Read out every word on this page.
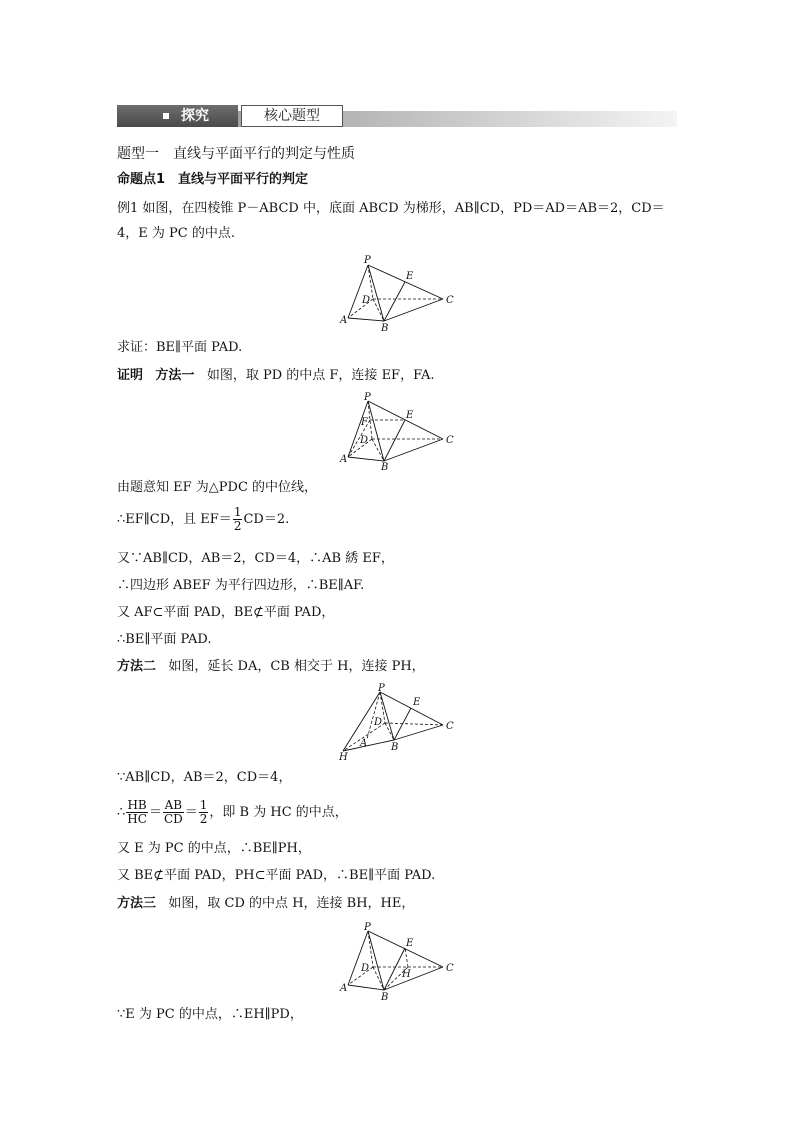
探究	核心题型
题型一　直线与平面平行的判定与性质
命题点1　直线与平面平行的判定
例1 如图，在四棱锥 P－ABCD 中，底面 ABCD 为梯形，AB∥CD，PD＝AD＝AB＝2，CD＝
4，E 为 PC 的中点.
P
E
D	C
A
B
求证：BE∥平面 PAD.
证明 方法一 如图，取 PD 的中点 F，连接 EF，FA.
P
E
F
D	C
A
B
由题意知 EF 为△PDC 的中位线，
∴EF∥CD，且 $EF= \frac{1}{2} CD=2$.
又∵AB∥CD，AB＝2，CD＝4，∴AB 綉 EF，
∴四边形 ABEF 为平行四边形，∴BE∥AF.
又 AF⊂平面 PAD，BE⊄平面 PAD，
∴BE∥平面 PAD.
方法二 如图，延长 DA，CB 相交于 H，连接 PH，
P
E
D	C
A B
H
∵AB∥CD，AB＝2，CD＝4，
∴ $\frac{HB}{HC} = \frac{AB}{CD} = \frac{1}{2}$ ，即 B 为 HC 的中点，
又 E 为 PC 的中点，∴BE∥PH，
又 BE⊄平面 PAD，PH⊂平面 PAD，∴BE∥平面 PAD.
方法三 如图，取 CD 的中点 H，连接 BH，HE，
P
E
D	C
H
A
B
∵E 为 PC 的中点，∴EH∥PD，
